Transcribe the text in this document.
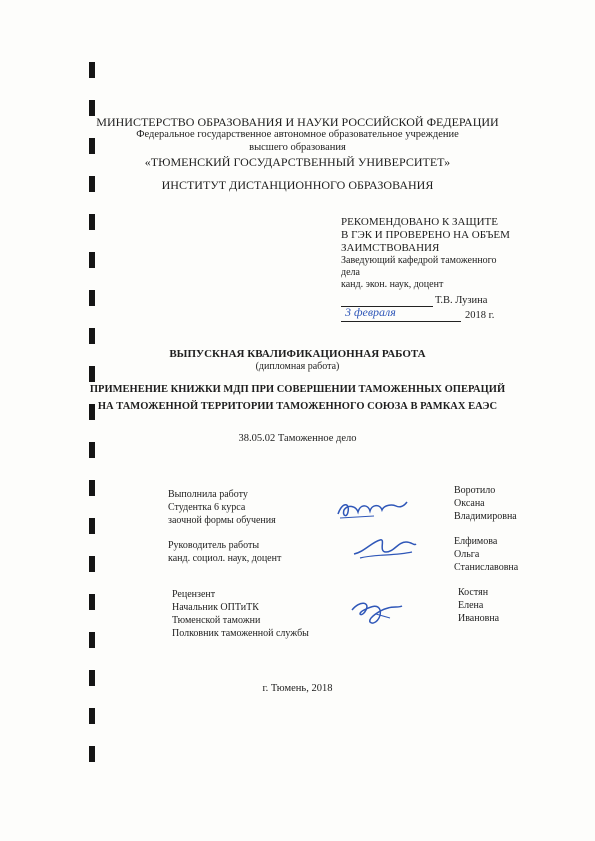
МИНИСТЕРСТВО ОБРАЗОВАНИЯ И НАУКИ РОССИЙСКОЙ ФЕДЕРАЦИИ
Федеральное государственное автономное образовательное учреждение
высшего образования
«ТЮМЕНСКИЙ ГОСУДАРСТВЕННЫЙ УНИВЕРСИТЕТ»
ИНСТИТУТ ДИСТАНЦИОННОГО ОБРАЗОВАНИЯ
РЕКОМЕНДОВАНО К ЗАЩИТЕ
В ГЭК И ПРОВЕРЕНО НА ОБЪЕМ
ЗАИМСТВОВАНИЯ
Заведующий кафедрой таможенного
дела
канд. экон. наук, доцент
Т.В. Лузина
3 февраля	2018 г.
ВЫПУСКНАЯ КВАЛИФИКАЦИОННАЯ РАБОТА
(дипломная работа)
ПРИМЕНЕНИЕ КНИЖКИ МДП ПРИ СОВЕРШЕНИИ ТАМОЖЕННЫХ ОПЕРАЦИЙ
НА ТАМОЖЕННОЙ ТЕРРИТОРИИ ТАМОЖЕННОГО СОЮЗА В РАМКАХ ЕАЭС
38.05.02 Таможенное дело
Выполнила работу
Студентка 6 курса
заочной формы обучения
Воротило
Оксана
Владимировна
Руководитель работы
канд. социол. наук, доцент
Елфимова
Ольга
Станиславовна
Рецензент
Начальник ОПТиТК
Тюменской таможни
Полковник таможенной службы
Костян
Елена
Ивановна
г. Тюмень, 2018
